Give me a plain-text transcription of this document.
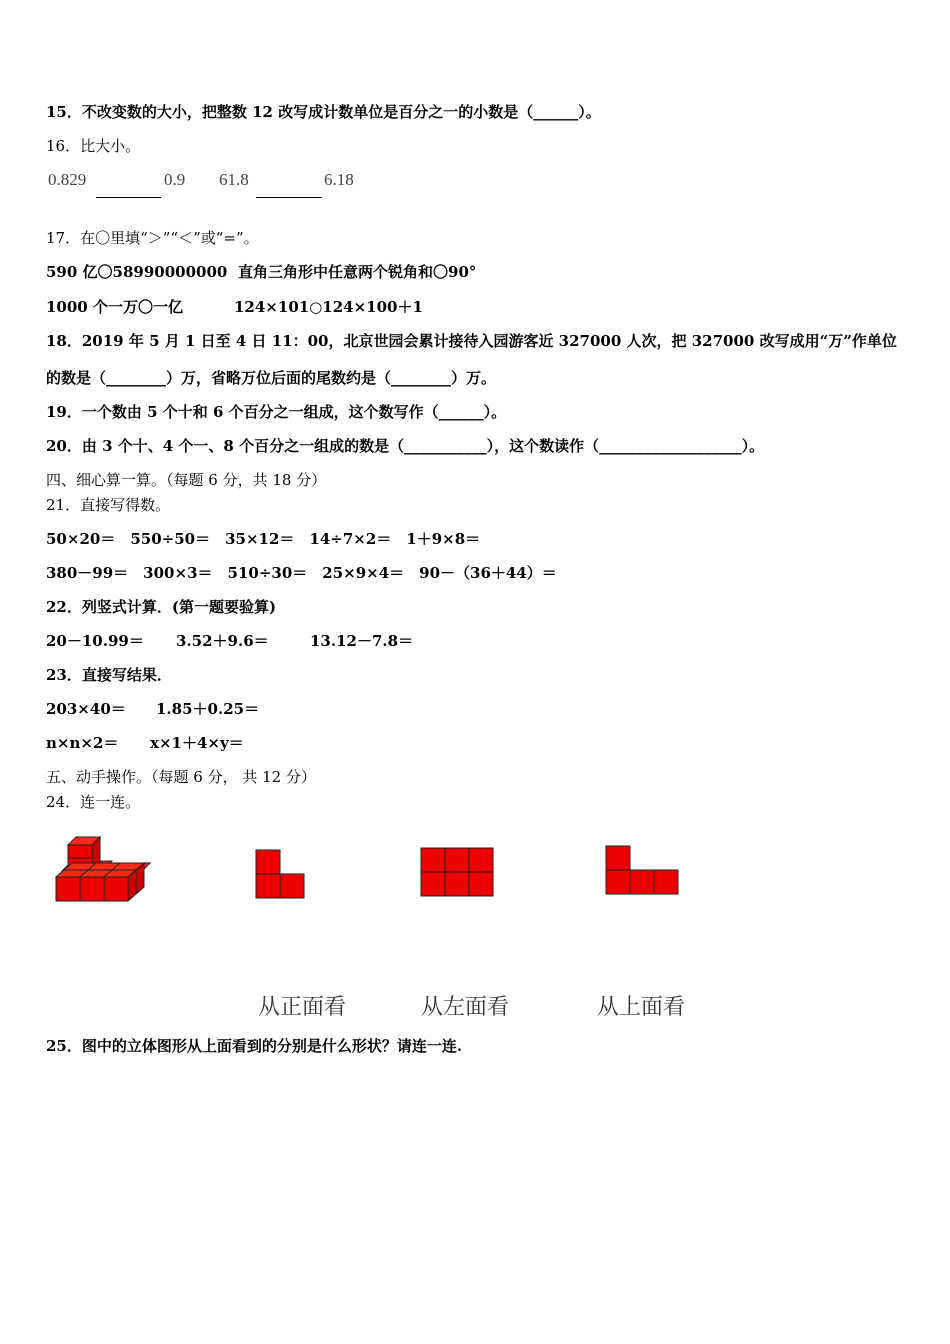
15．不改变数的大小，把整数 12 改写成计数单位是百分之一的小数是（______）。
16．比大小。
0.829	0.9 61.8	6.18
17．在〇里填“＞”“＜”或“=”。
590 亿〇58990000000 直角三角形中任意两个锐角和〇90°
1000 个一万〇一亿	124×101○124×100＋1
18．2019 年 5 月 1 日至 4 日 11：00，北京世园会累计接待入园游客近 327000 人次，把 327000 改写成用“万”作单位
的数是（________）万，省略万位后面的尾数约是（________）万。
19．一个数由 5 个十和 6 个百分之一组成，这个数写作（______）。
20．由 3 个十、4 个一、8 个百分之一组成的数是（___________），这个数读作（___________________）。
四、细心算一算。（每题 6 分，共 18 分）
21．直接写得数。
50×20＝　550÷50＝　35×12＝　14÷7×2＝　1＋9×8＝
380－99＝　300×3＝　510÷30＝　25×9×4＝　90－（36＋44）＝
22．列竖式计算．(第一题要验算)
20－10.99＝ 3.52＋9.6＝	13.12－7.8＝
23．直接写结果．
203×40＝ 1.85＋0.25＝
n×n×2＝ x×1＋4×y＝
五、动手操作。（每题 6 分， 共 12 分）
24．连一连。
从正面看	从左面看	从上面看
25．图中的立体图形从上面看到的分别是什么形状？请连一连.
